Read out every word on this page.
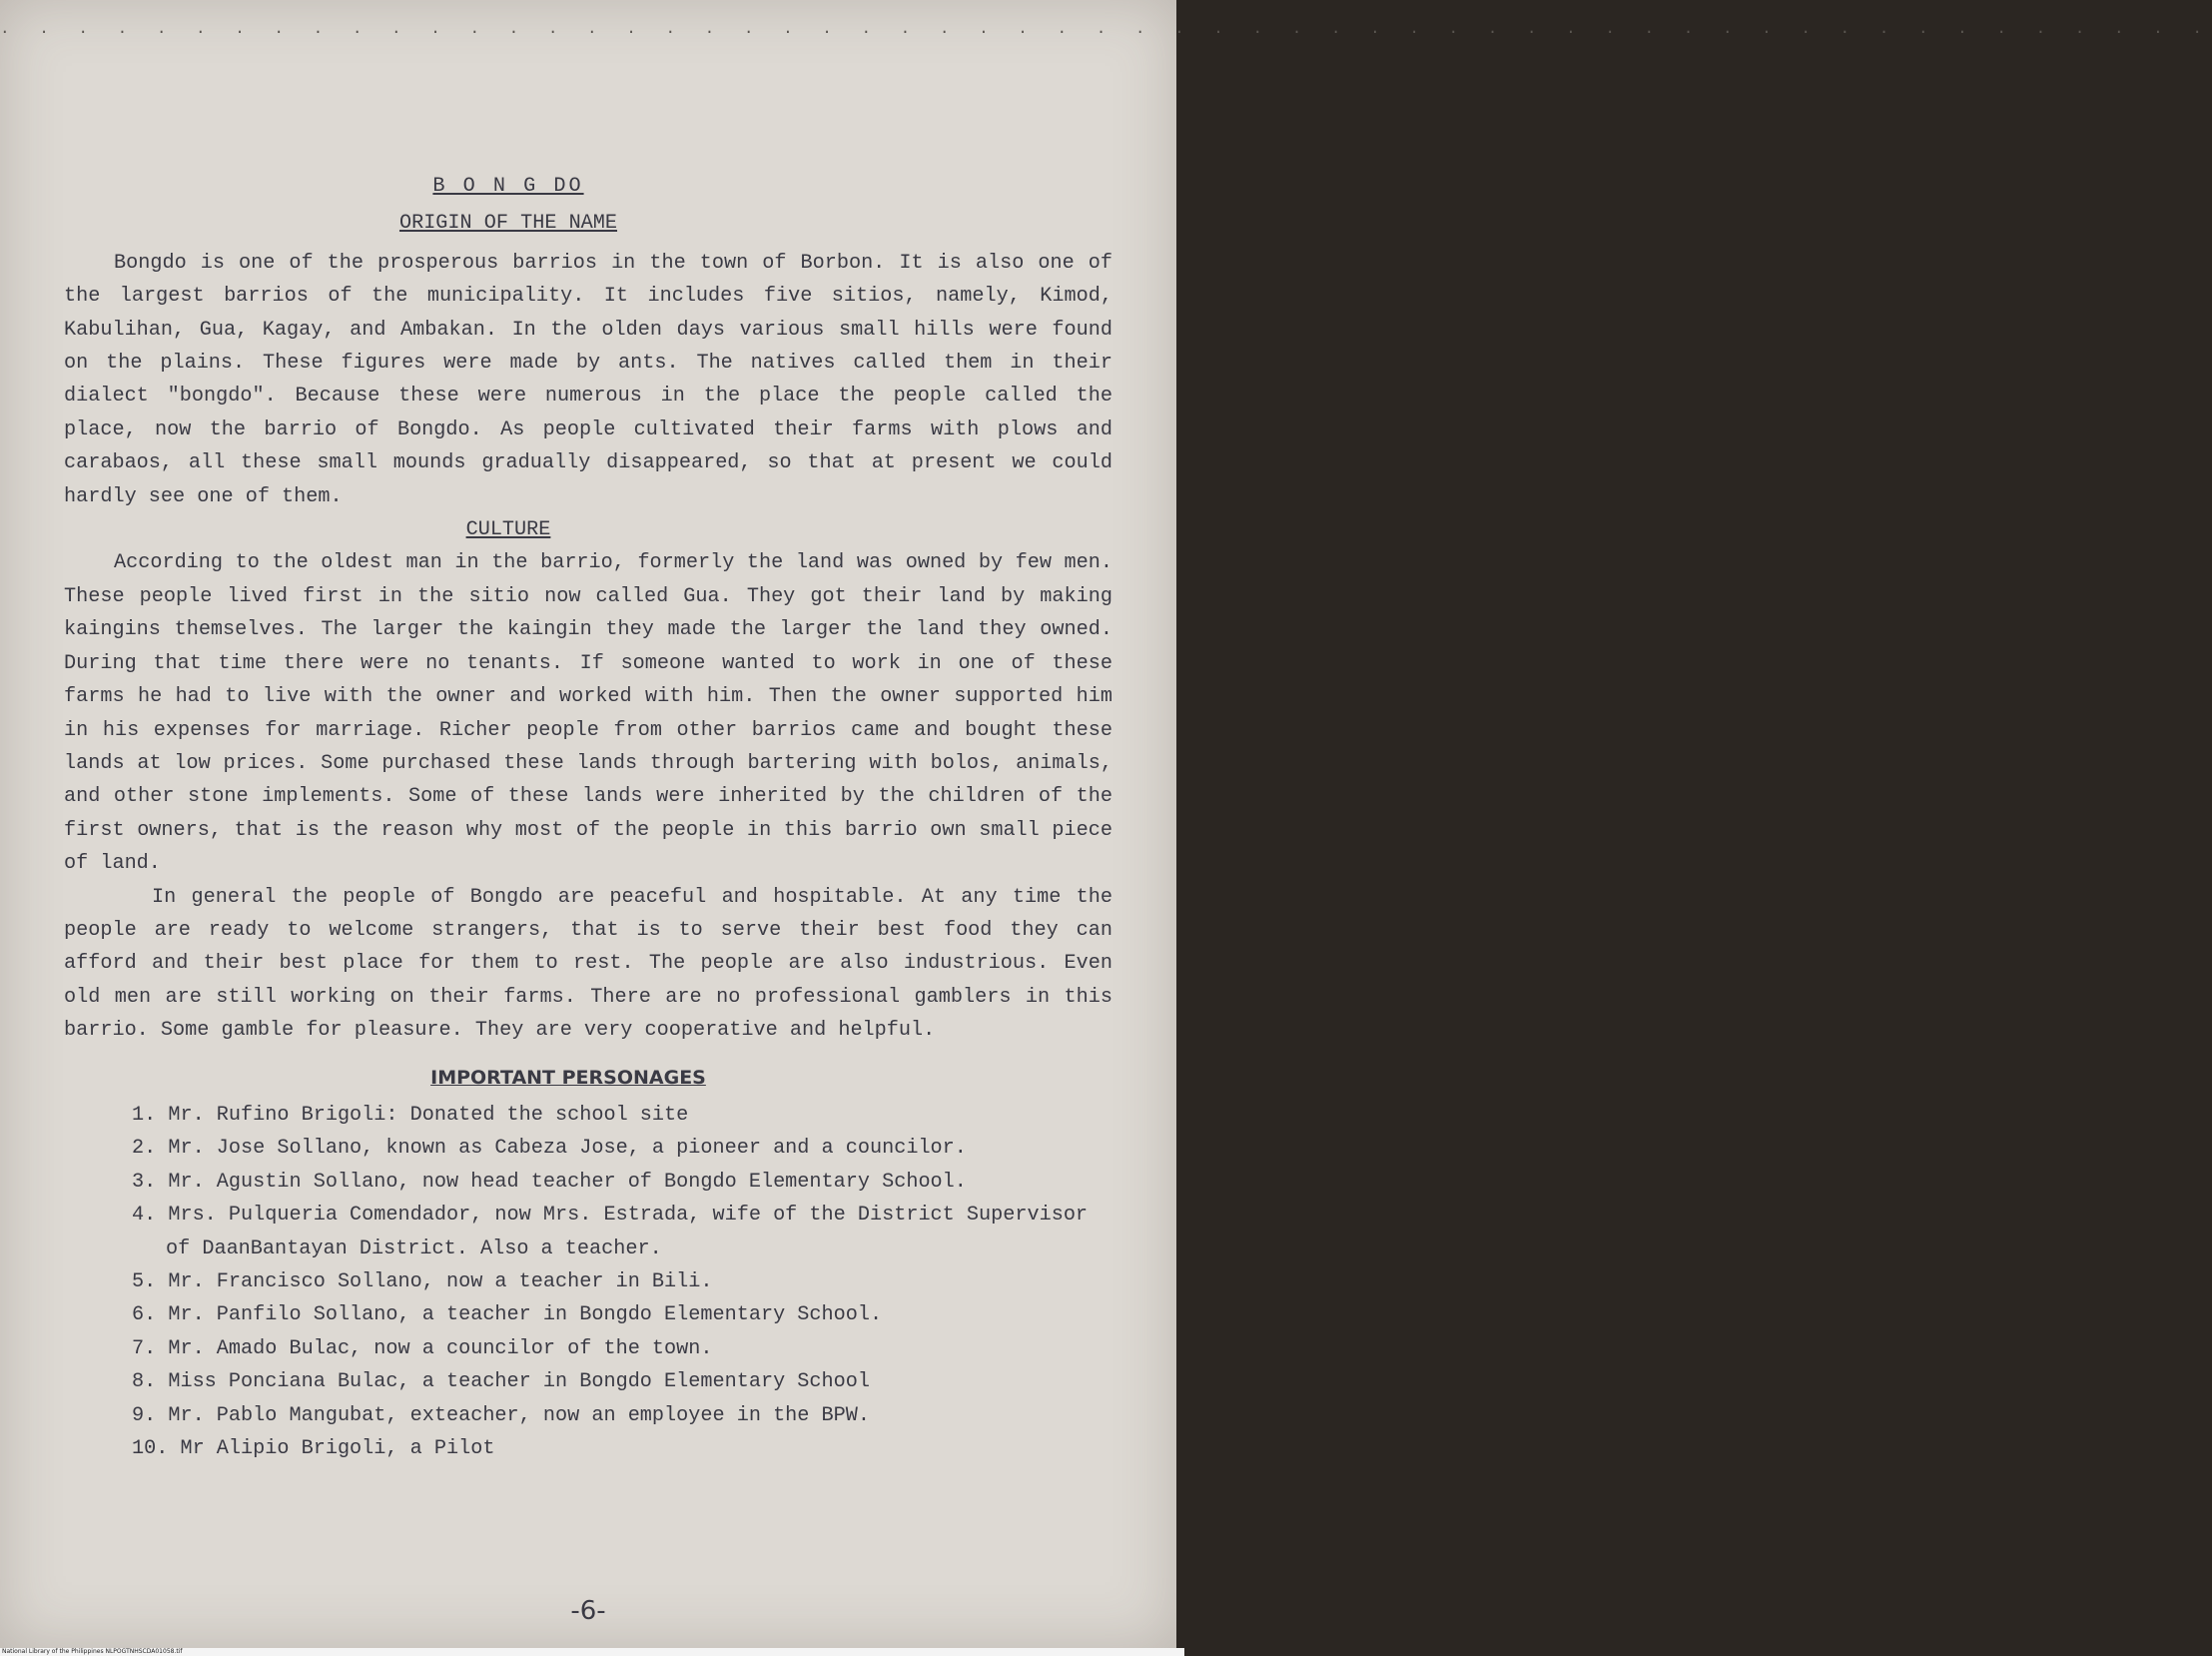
. . . . . . . . . . . . . . . . . . . . . . . . . . . . . . . . . . . . . . . . . . . . . . . . . . . . . . . . .
B O N G DO
ORIGIN OF THE NAME

Bongdo is one of the prosperous barrios in the town of Borbon. It is also one of the largest barrios of the municipality. It includes five sitios, namely, Kimod, Kabulihan, Gua, Kagay, and Ambakan. In the olden days various small hills were found on the plains. These figures were made by ants. The natives called them in their dialect "bongdo". Because these were numerous in the place the people called the place, now the barrio of Bongdo. As people cultivated their farms with plows and carabaos, all these small mounds gradually disappeared, so that at present we could hardly see one of them.

CULTURE

According to the oldest man in the barrio, formerly the land was owned by few men. These people lived first in the sitio now called Gua. They got their land by making kaingins themselves. The larger the kaingin they made the larger the land they owned. During that time there were no tenants. If someone wanted to work in one of these farms he had to live with the owner and worked with him. Then the owner supported him in his expenses for marriage. Richer people from other barrios came and bought these lands at low prices. Some purchased these lands through bartering with bolos, animals, and other stone implements. Some of these lands were inherited by the children of the first owners, that is the reason why most of the people in this barrio own small piece of land.

In general the people of Bongdo are peaceful and hospitable. At any time the people are ready to welcome strangers, that is to serve their best food they can afford and their best place for them to rest. The people are also industrious. Even old men are still working on their farms. There are no professional gamblers in this barrio. Some gamble for pleasure. They are very cooperative and helpful.

IMPORTANT PERSONAGES
1. Mr. Rufino Brigoli: Donated the school site
2. Mr. Jose Sollano, known as Cabeza Jose, a pioneer and a councilor.
3. Mr. Agustin Sollano, now head teacher of Bongdo Elementary School.
4. Mrs. Pulqueria Comendador, now Mrs. Estrada, wife of the District Supervisor of DaanBantayan District. Also a teacher.
5. Mr. Francisco Sollano, now a teacher in Bili.
6. Mr. Panfilo Sollano, a teacher in Bongdo Elementary School.
7. Mr. Amado Bulac, now a councilor of the town.
8. Miss Ponciana Bulac, a teacher in Bongdo Elementary School
9. Mr. Pablo Mangubat, exteacher, now an employee in the BPW.
10. Mr Alipio Brigoli, a Pilot
-6-
National Library of the Philippines NLPOGTNHSCDA01058.tif
